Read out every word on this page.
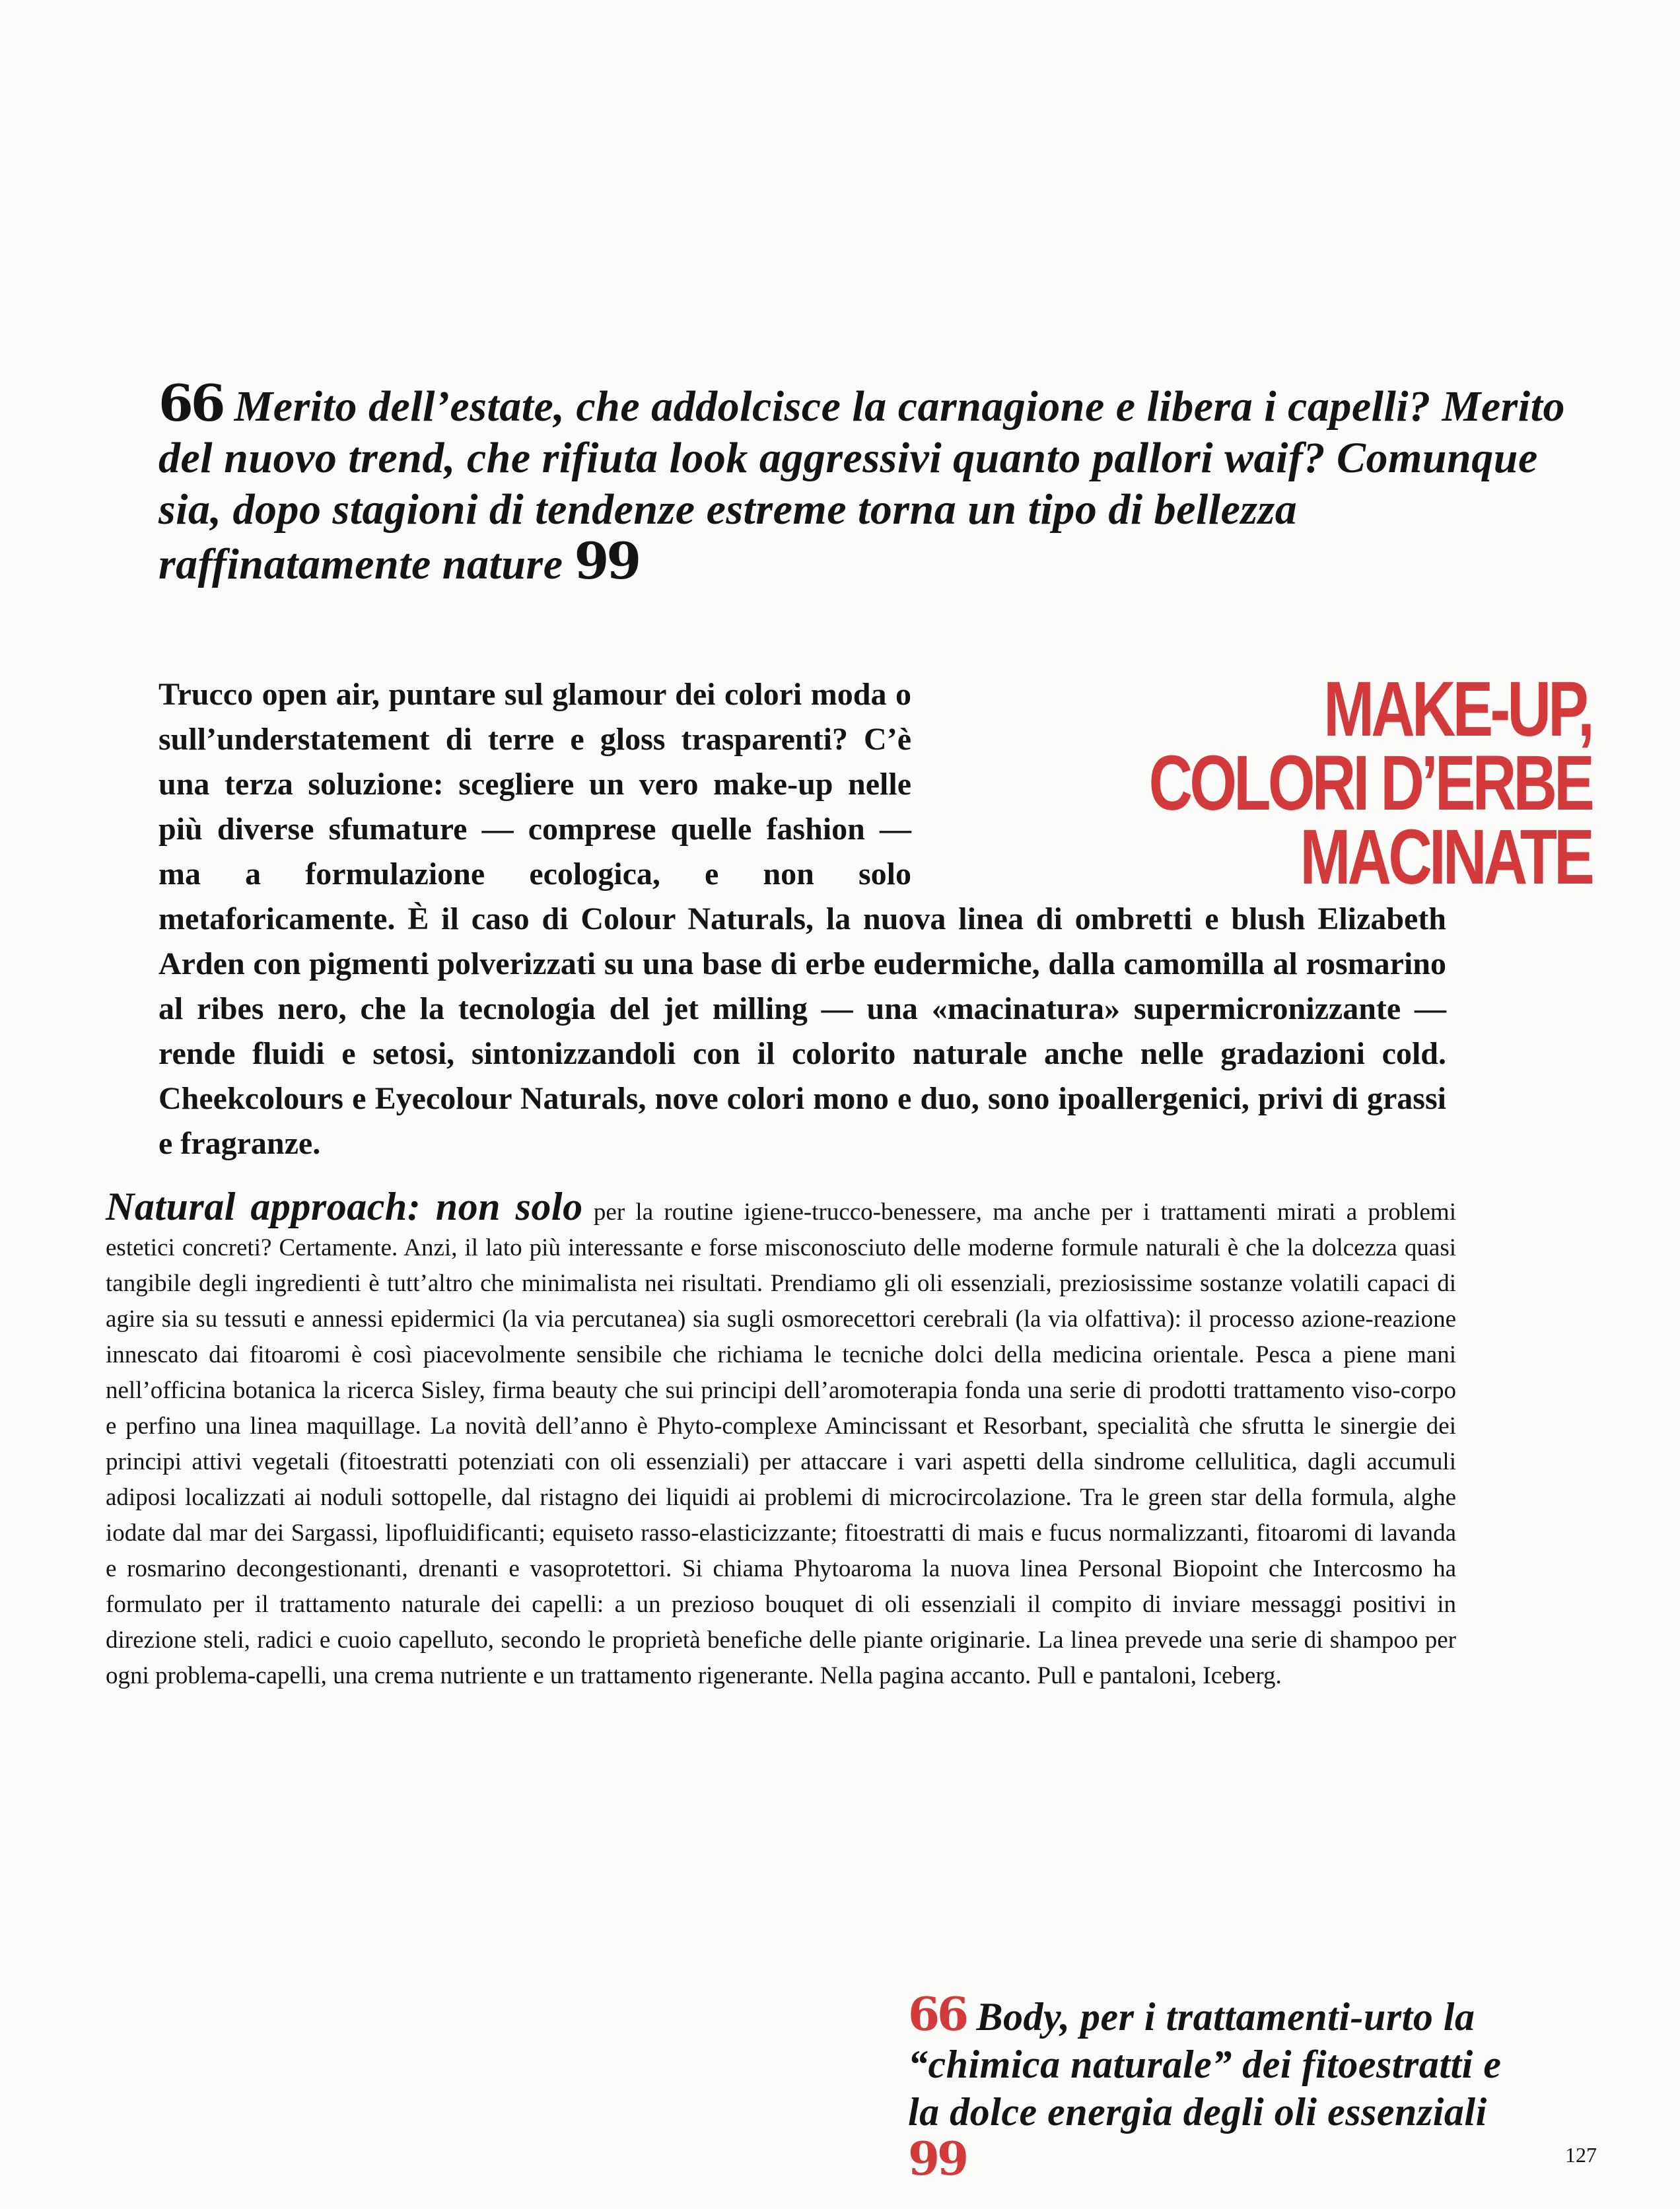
66 Merito dell’estate, che addolcisce la carnagione e libera i capelli? Merito del nuovo trend, che rifiuta look aggressivi quanto pallori waif? Comunque sia, dopo stagioni di tendenze estreme torna un tipo di bellezza raffinatamente nature 99

MAKE-UP,
COLORI D’ERBE
MACINATE

Trucco open air, puntare sul glamour dei colori moda o sull’understatement di terre e gloss trasparenti? C’è una terza soluzione: scegliere un vero make-up nelle più diverse sfumature — comprese quelle fashion — ma a formulazione ecologica, e non solo metaforicamente. È il caso di Colour Naturals, la nuova linea di ombretti e blush Elizabeth Arden con pigmenti polverizzati su una base di erbe eudermiche, dalla camomilla al rosmarino al ribes nero, che la tecnologia del jet milling — una «macinatura» supermicronizzante — rende fluidi e setosi, sintonizzandoli con il colorito naturale anche nelle gradazioni cold. Cheekcolours e Eyecolour Naturals, nove colori mono e duo, sono ipoallergenici, privi di grassi e fragranze.

Natural approach: non solo per la routine igiene-trucco-benessere, ma anche per i trattamenti mirati a problemi estetici concreti? Certamente. Anzi, il lato più interessante e forse misconosciuto delle moderne formule naturali è che la dolcezza quasi tangibile degli ingredienti è tutt’altro che minimalista nei risultati. Prendiamo gli oli essenziali, preziosissime sostanze volatili capaci di agire sia su tessuti e annessi epidermici (la via percutanea) sia sugli osmorecettori cerebrali (la via olfattiva): il processo azione-reazione innescato dai fitoaromi è così piacevolmente sensibile che richiama le tecniche dolci della medicina orientale. Pesca a piene mani nell’officina botanica la ricerca Sisley, firma beauty che sui principi dell’aromoterapia fonda una serie di prodotti trattamento viso-corpo e perfino una linea maquillage. La novità dell’anno è Phyto-complexe Amincissant et Resorbant, specialità che sfrutta le sinergie dei principi attivi vegetali (fitoestratti potenziati con oli essenziali) per attaccare i vari aspetti della sindrome cellulitica, dagli accumuli adiposi localizzati ai noduli sottopelle, dal ristagno dei liquidi ai problemi di microcircolazione. Tra le green star della formula, alghe iodate dal mar dei Sargassi, lipofluidificanti; equiseto rasso-elasticizzante; fitoestratti di mais e fucus normalizzanti, fitoaromi di lavanda e rosmarino decongestionanti, drenanti e vasoprotettori. Si chiama Phytoaroma la nuova linea Personal Biopoint che Intercosmo ha formulato per il trattamento naturale dei capelli: a un prezioso bouquet di oli essenziali il compito di inviare messaggi positivi in direzione steli, radici e cuoio capelluto, secondo le proprietà benefiche delle piante originarie. La linea prevede una serie di shampoo per ogni problema-capelli, una crema nutriente e un trattamento rigenerante. Nella pagina accanto. Pull e pantaloni, Iceberg.

66 Body, per i trattamenti-urto la “chimica naturale” dei fitoestratti e la dolce energia degli oli essenziali 99	127
